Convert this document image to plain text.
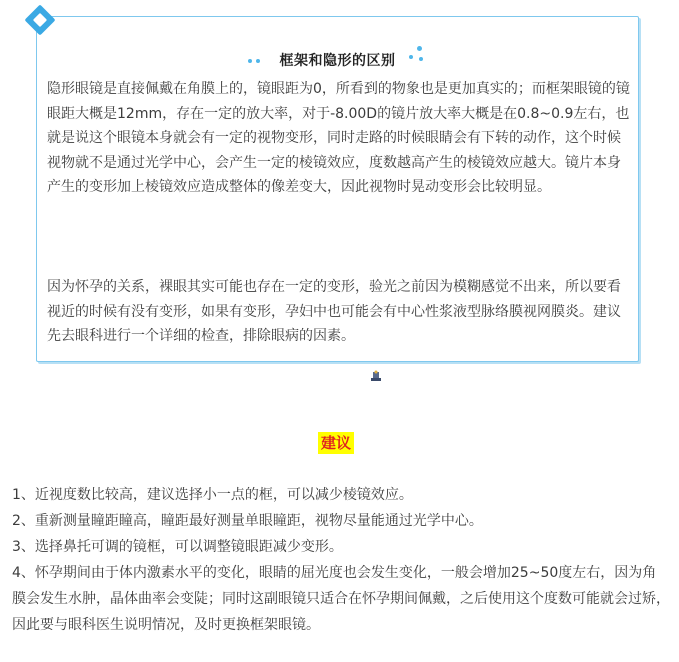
框架和隐形的区别

隐形眼镜是直接佩戴在角膜上的，镜眼距为0，所看到的物象也是更加真实的；而框架眼镜的镜眼距大概是12mm，存在一定的放大率，对于-8.00D的镜片放大率大概是在0.8~0.9左右，也就是说这个眼镜本身就会有一定的视物变形，同时走路的时候眼睛会有下转的动作，这个时候视物就不是通过光学中心，会产生一定的棱镜效应，度数越高产生的棱镜效应越大。镜片本身产生的变形加上棱镜效应造成整体的像差变大，因此视物时晃动变形会比较明显。

因为怀孕的关系，裸眼其实可能也存在一定的变形，验光之前因为模糊感觉不出来，所以要看视近的时候有没有变形，如果有变形，孕妇中也可能会有中心性浆液型脉络膜视网膜炎。建议先去眼科进行一个详细的检查，排除眼病的因素。

建议

1、近视度数比较高，建议选择小一点的框，可以减少棱镜效应。

2、重新测量瞳距瞳高，瞳距最好测量单眼瞳距，视物尽量能通过光学中心。

3、选择鼻托可调的镜框，可以调整镜眼距减少变形。

4、怀孕期间由于体内激素水平的变化，眼睛的屈光度也会发生变化，一般会增加25~50度左右，因为角膜会发生水肿，晶体曲率会变陡；同时这副眼镜只适合在怀孕期间佩戴，之后使用这个度数可能就会过矫，因此要与眼科医生说明情况，及时更换框架眼镜。
